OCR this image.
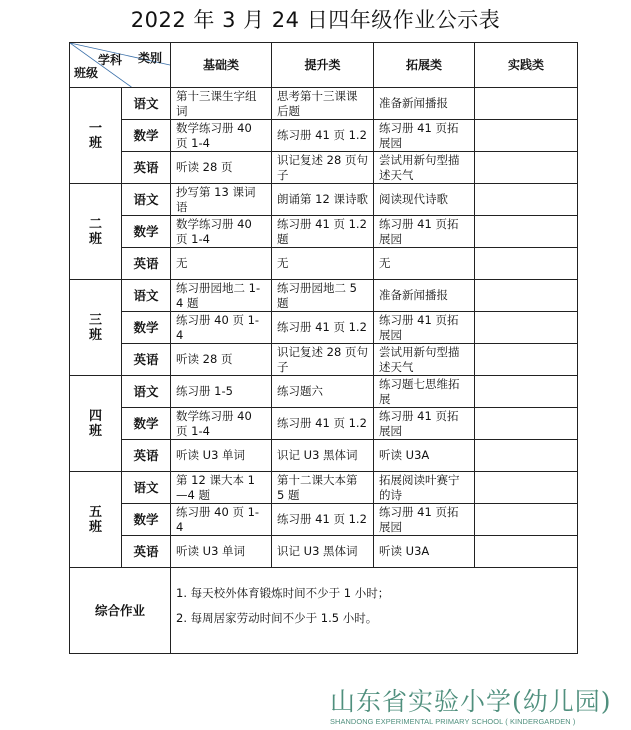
2022 年 3 月 24 日四年级作业公示表
类别
学科
班级		基础类	提升类	拓展类	实践类
一班	语文	第十三课生字组词	思考第十三课课后题	准备新闻播报	
	数学	数学练习册 40 页 1-4	练习册 41 页 1.2	练习册 41 页拓展园	
	英语	听读 28 页	识记复述 28 页句子	尝试用新句型描述天气	
二班	语文	抄写第 13 课词语	朗诵第 12 课诗歌	阅读现代诗歌	
	数学	数学练习册 40 页 1-4	练习册 41 页 1.2 题	练习册 41 页拓展园	
	英语	无	无	无	
三班	语文	练习册园地二 1-4 题	练习册园地二 5 题	准备新闻播报	
	数学	练习册 40 页 1-4	练习册 41 页 1.2	练习册 41 页拓展园	
	英语	听读 28 页	识记复述 28 页句子	尝试用新句型描述天气	
四班	语文	练习册 1-5	练习题六	练习题七思维拓展	
	数学	数学练习册 40 页 1-4	练习册 41 页 1.2	练习册 41 页拓展园	
	英语	听读 U3 单词	识记 U3 黑体词	听读 U3A	
五班	语文	第 12 课大本 1—4 题	第十二课大本第 5 题	拓展阅读叶赛宁的诗	
	数学	练习册 40 页 1-4	练习册 41 页 1.2	练习册 41 页拓展园	
	英语	听读 U3 单词	识记 U3 黑体词	听读 U3A	
综合作业		1. 每天校外体育锻炼时间不少于 1 小时；
2. 每周居家劳动时间不少于 1.5 小时。			
山东省实验小学(幼儿园)
SHANDONG EXPERIMENTAL PRIMARY SCHOOL ( KINDERGARDEN )
